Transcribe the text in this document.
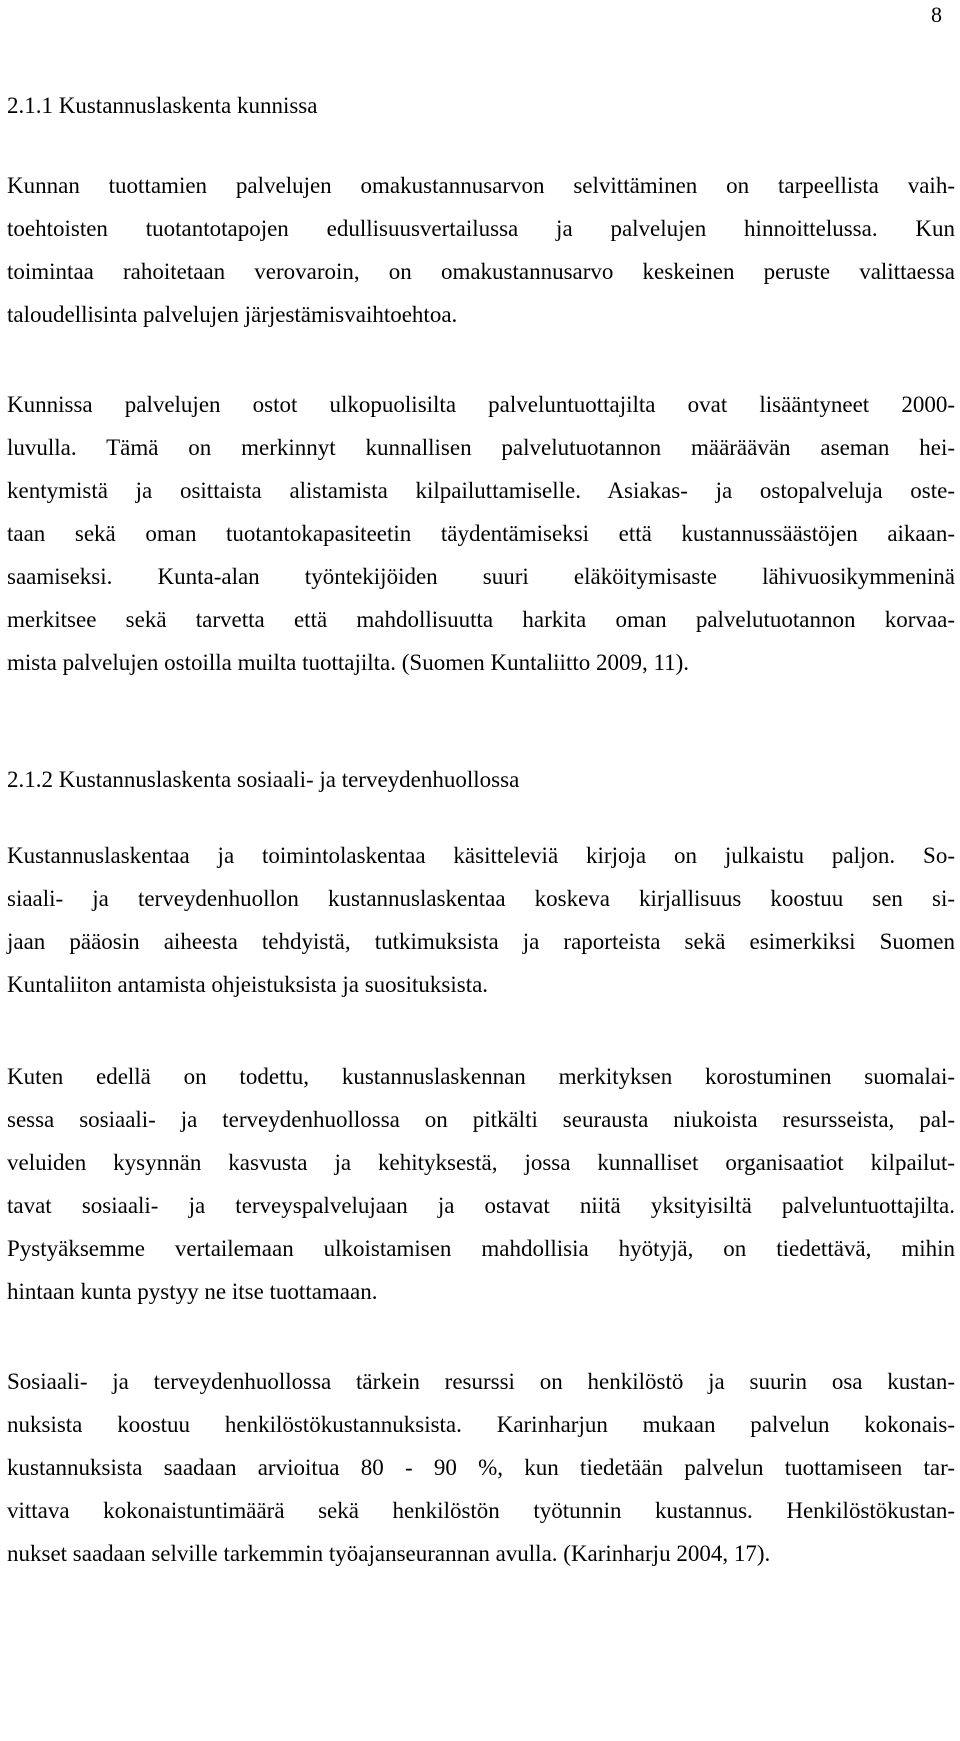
8
2.1.1 Kustannuslaskenta kunnissa
Kunnan tuottamien palvelujen omakustannusarvon selvittäminen on tarpeellista vaih-
toehtoisten tuotantotapojen edullisuusvertailussa ja palvelujen hinnoittelussa. Kun
toimintaa rahoitetaan verovaroin, on omakustannusarvo keskeinen peruste valittaessa
taloudellisinta palvelujen järjestämisvaihtoehtoa.
Kunnissa palvelujen ostot ulkopuolisilta palveluntuottajilta ovat lisääntyneet 2000-
luvulla. Tämä on merkinnyt kunnallisen palvelutuotannon määräävän aseman hei-
kentymistä ja osittaista alistamista kilpailuttamiselle. Asiakas- ja ostopalveluja oste-
taan sekä oman tuotantokapasiteetin täydentämiseksi että kustannussäästöjen aikaan-
saamiseksi. Kunta-alan työntekijöiden suuri eläköitymisaste lähivuosikymmeninä
merkitsee sekä tarvetta että mahdollisuutta harkita oman palvelutuotannon korvaa-
mista palvelujen ostoilla muilta tuottajilta. (Suomen Kuntaliitto 2009, 11).
2.1.2 Kustannuslaskenta sosiaali- ja terveydenhuollossa
Kustannuslaskentaa ja toimintolaskentaa käsitteleviä kirjoja on julkaistu paljon. So-
siaali- ja terveydenhuollon kustannuslaskentaa koskeva kirjallisuus koostuu sen si-
jaan pääosin aiheesta tehdyistä, tutkimuksista ja raporteista sekä esimerkiksi Suomen
Kuntaliiton antamista ohjeistuksista ja suosituksista.
Kuten edellä on todettu, kustannuslaskennan merkityksen korostuminen suomalai-
sessa sosiaali- ja terveydenhuollossa on pitkälti seurausta niukoista resursseista, pal-
veluiden kysynnän kasvusta ja kehityksestä, jossa kunnalliset organisaatiot kilpailut-
tavat sosiaali- ja terveyspalvelujaan ja ostavat niitä yksityisiltä palveluntuottajilta.
Pystyäksemme vertailemaan ulkoistamisen mahdollisia hyötyjä, on tiedettävä, mihin
hintaan kunta pystyy ne itse tuottamaan.
Sosiaali- ja terveydenhuollossa tärkein resurssi on henkilöstö ja suurin osa kustan-
nuksista koostuu henkilöstökustannuksista. Karinharjun mukaan palvelun kokonais-
kustannuksista saadaan arvioitua 80 - 90 %, kun tiedetään palvelun tuottamiseen tar-
vittava kokonaistuntimäärä sekä henkilöstön työtunnin kustannus. Henkilöstökustan-
nukset saadaan selville tarkemmin työajanseurannan avulla. (Karinharju 2004, 17).
